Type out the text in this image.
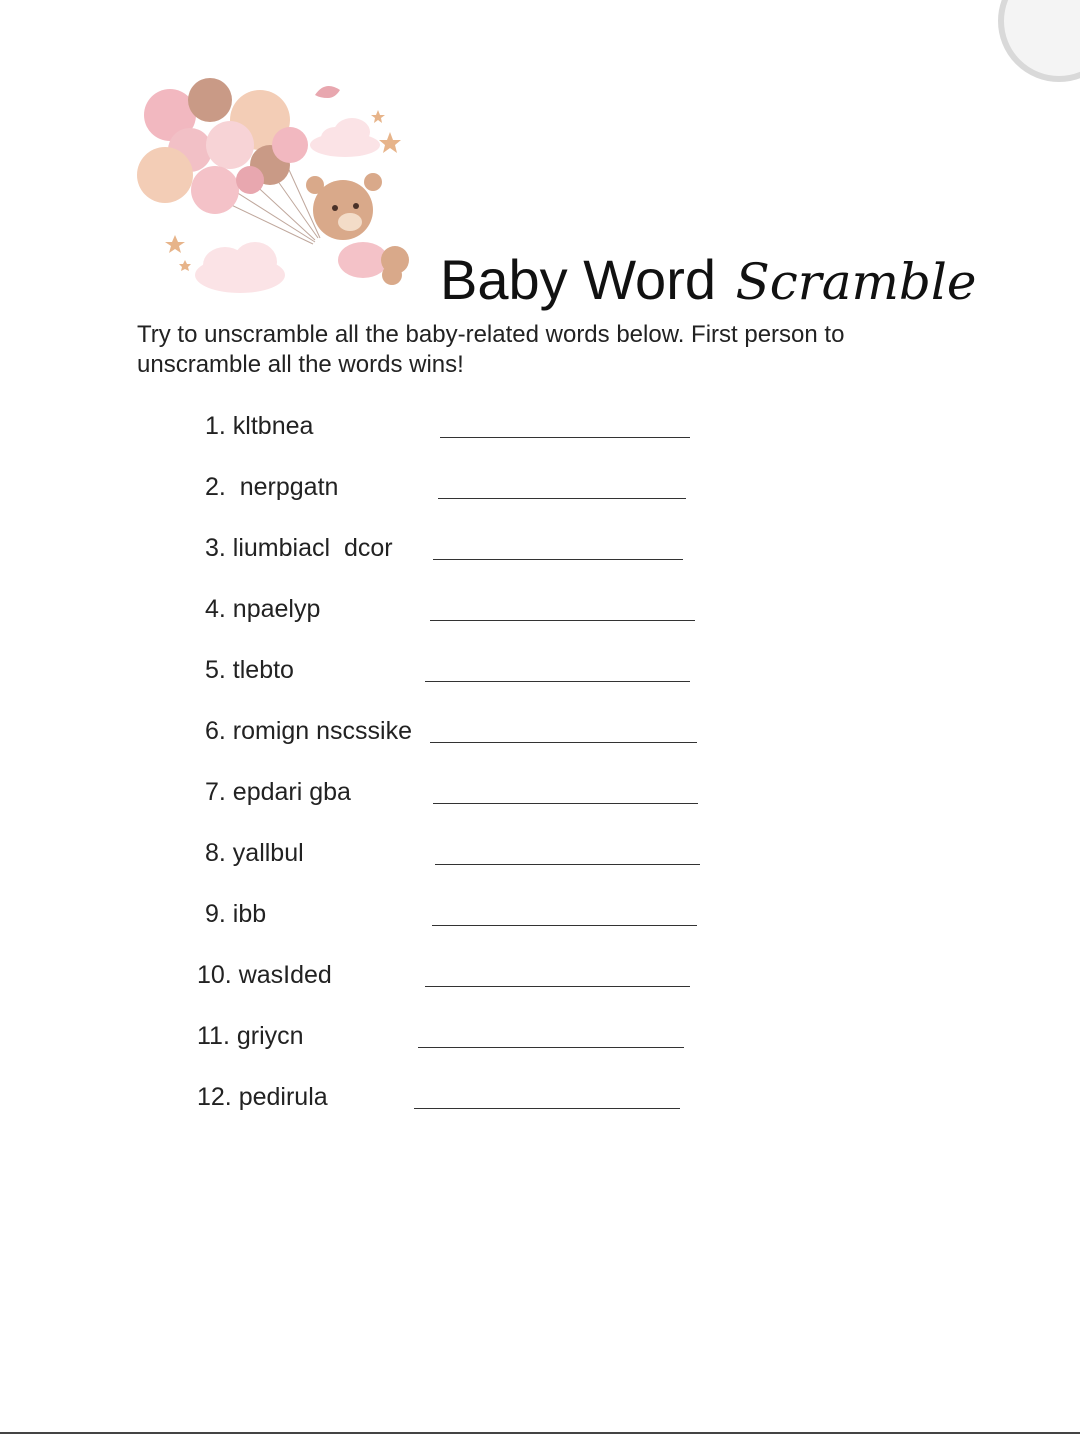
Baby Word Scramble
Try to unscramble all the baby-related words below. First person to unscramble all the words wins!
1. kltbnea
2.  nerpgatn
3. liumbiacl  dcor
4. npaelyp
5. tlebto
6. romign nscssike
7. epdari gba
8. yallbul
9. ibb
10. wasIded
11. griycn
12. pedirula
